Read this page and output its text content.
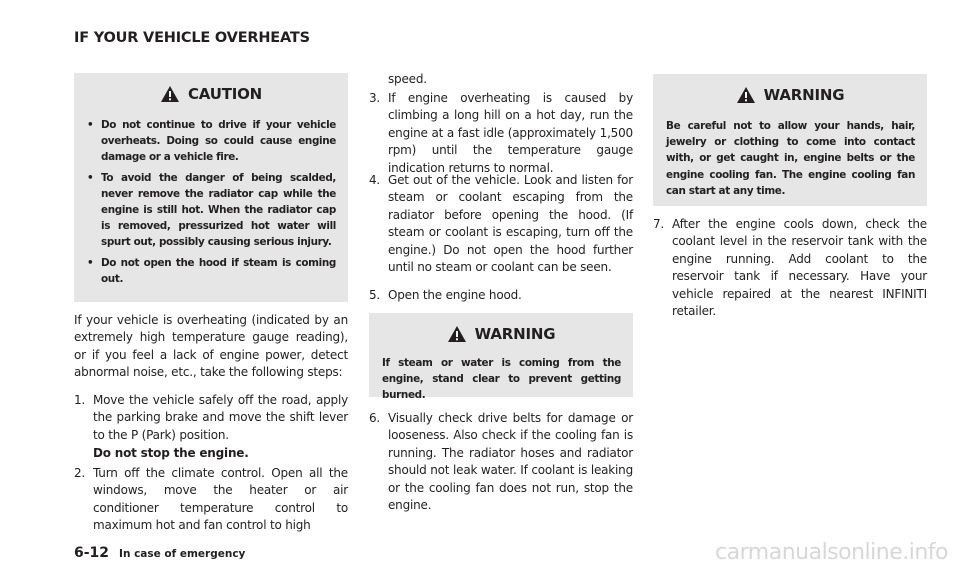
IF YOUR VEHICLE OVERHEATS
CAUTION
• Do not continue to drive if your vehicle overheats. Doing so could cause engine damage or a vehicle fire.
• To avoid the danger of being scalded, never remove the radiator cap while the engine is still hot. When the radiator cap is removed, pressurized hot water will spurt out, possibly causing serious injury.
• Do not open the hood if steam is coming out.
If your vehicle is overheating (indicated by an extremely high temperature gauge reading), or if you feel a lack of engine power, detect abnormal noise, etc., take the following steps:
1. Move the vehicle safely off the road, apply the parking brake and move the shift lever to the P (Park) position.
Do not stop the engine.
2. Turn off the climate control. Open all the windows, move the heater or air conditioner temperature control to maximum hot and fan control to high
speed.
3. If engine overheating is caused by climbing a long hill on a hot day, run the engine at a fast idle (approximately 1,500 rpm) until the temperature gauge indication returns to normal.
4. Get out of the vehicle. Look and listen for steam or coolant escaping from the radiator before opening the hood. (If steam or coolant is escaping, turn off the engine.) Do not open the hood further until no steam or coolant can be seen.
5. Open the engine hood.
WARNING

If steam or water is coming from the engine, stand clear to prevent getting burned.

6. Visually check drive belts for damage or looseness. Also check if the cooling fan is running. The radiator hoses and radiator should not leak water. If coolant is leaking or the cooling fan does not run, stop the engine.
WARNING

Be careful not to allow your hands, hair, jewelry or clothing to come into contact with, or get caught in, engine belts or the engine cooling fan. The engine cooling fan can start at any time.

7. After the engine cools down, check the coolant level in the reservoir tank with the engine running. Add coolant to the reservoir tank if necessary. Have your vehicle repaired at the nearest INFINITI retailer.
6-12 In case of emergency	carmanualsonline.info
